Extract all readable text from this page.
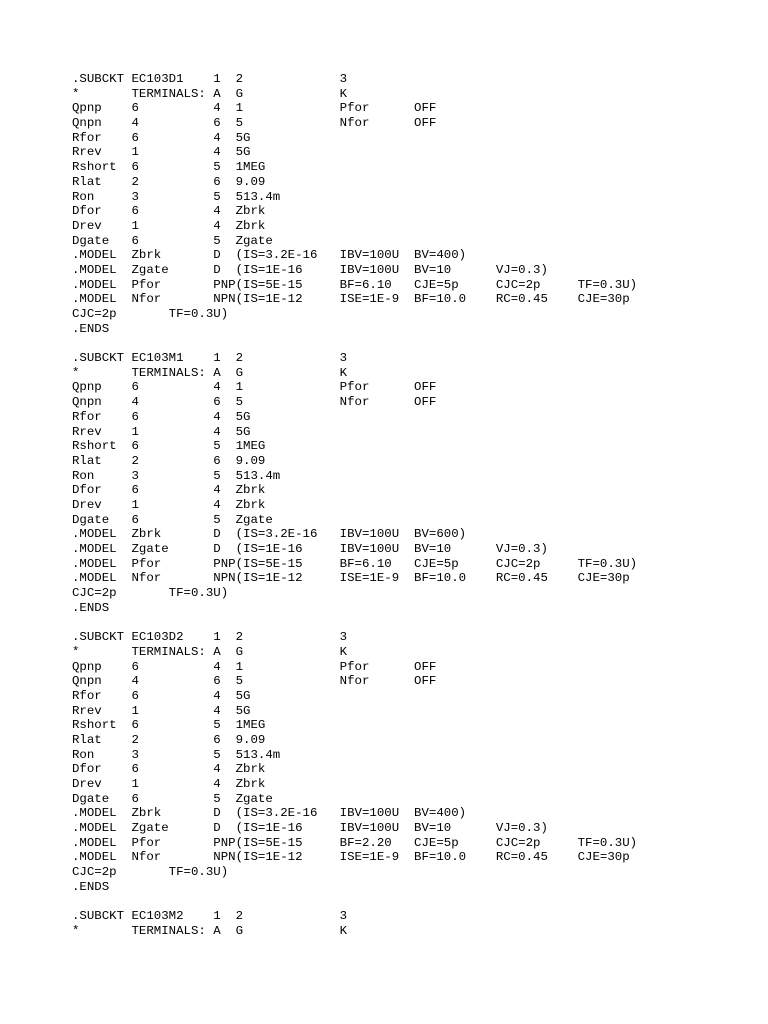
.SUBCKT EC103D1    1  2             3
*       TERMINALS: A  G             K
Qpnp    6          4  1             Pfor      OFF
Qnpn    4          6  5             Nfor      OFF
Rfor    6          4  5G
Rrev    1          4  5G
Rshort  6          5  1MEG
Rlat    2          6  9.09
Ron     3          5  513.4m
Dfor    6          4  Zbrk
Drev    1          4  Zbrk
Dgate   6          5  Zgate
.MODEL  Zbrk       D  (IS=3.2E-16   IBV=100U  BV=400)
.MODEL  Zgate      D  (IS=1E-16     IBV=100U  BV=10      VJ=0.3)
.MODEL  Pfor       PNP(IS=5E-15     BF=6.10   CJE=5p     CJC=2p     TF=0.3U)
.MODEL  Nfor       NPN(IS=1E-12     ISE=1E-9  BF=10.0    RC=0.45    CJE=30p
CJC=2p       TF=0.3U)
.ENDS
.SUBCKT EC103M1    1  2             3
*       TERMINALS: A  G             K
Qpnp    6          4  1             Pfor      OFF
Qnpn    4          6  5             Nfor      OFF
Rfor    6          4  5G
Rrev    1          4  5G
Rshort  6          5  1MEG
Rlat    2          6  9.09
Ron     3          5  513.4m
Dfor    6          4  Zbrk
Drev    1          4  Zbrk
Dgate   6          5  Zgate
.MODEL  Zbrk       D  (IS=3.2E-16   IBV=100U  BV=600)
.MODEL  Zgate      D  (IS=1E-16     IBV=100U  BV=10      VJ=0.3)
.MODEL  Pfor       PNP(IS=5E-15     BF=6.10   CJE=5p     CJC=2p     TF=0.3U)
.MODEL  Nfor       NPN(IS=1E-12     ISE=1E-9  BF=10.0    RC=0.45    CJE=30p
CJC=2p       TF=0.3U)
.ENDS
.SUBCKT EC103D2    1  2             3
*       TERMINALS: A  G             K
Qpnp    6          4  1             Pfor      OFF
Qnpn    4          6  5             Nfor      OFF
Rfor    6          4  5G
Rrev    1          4  5G
Rshort  6          5  1MEG
Rlat    2          6  9.09
Ron     3          5  513.4m
Dfor    6          4  Zbrk
Drev    1          4  Zbrk
Dgate   6          5  Zgate
.MODEL  Zbrk       D  (IS=3.2E-16   IBV=100U  BV=400)
.MODEL  Zgate      D  (IS=1E-16     IBV=100U  BV=10      VJ=0.3)
.MODEL  Pfor       PNP(IS=5E-15     BF=2.20   CJE=5p     CJC=2p     TF=0.3U)
.MODEL  Nfor       NPN(IS=1E-12     ISE=1E-9  BF=10.0    RC=0.45    CJE=30p
CJC=2p       TF=0.3U)
.ENDS
.SUBCKT EC103M2    1  2             3
*       TERMINALS: A  G             K
